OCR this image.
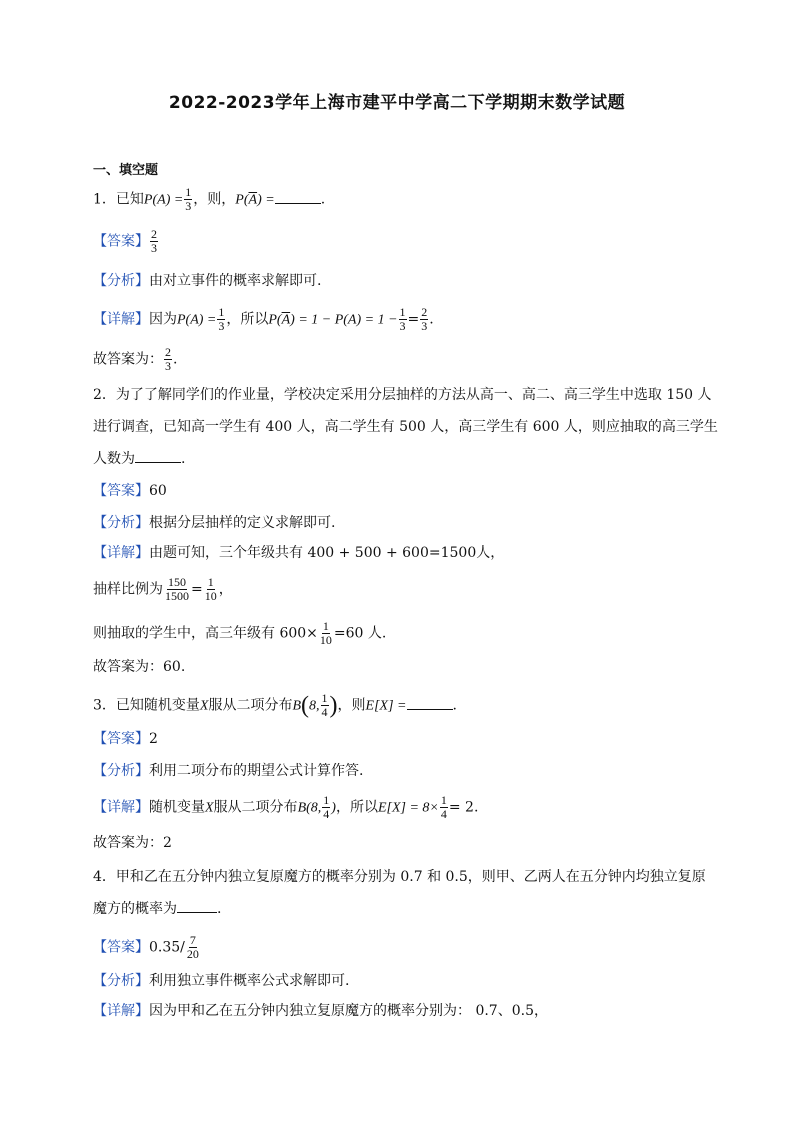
2022-2023学年上海市建平中学高二下学期期末数学试题
一、填空题
1．已知$P(A) = \frac{1}{3}$ ，则，$P(\overline{A})$ =	.
【答案】 $\frac{2}{3}$
【分析】由对立事件的概率求解即可.
【详解】因为$P(A) = \frac{1}{3}$ ，所以$P(\overline{A}) = 1 - P(A) = 1 - \frac{1}{3} = \frac{2}{3}$ .
故答案为： $\frac{2}{3}$ .
2．为了了解同学们的作业量，学校决定采用分层抽样的方法从高一、高二、高三学生中选取 150 人
进行调查，已知高一学生有 400 人，高二学生有 500 人，高三学生有 600 人，则应抽取的高三学生
人数为	.
【答案】60
【分析】根据分层抽样的定义求解即可.
【详解】由题可知，三个年级共有 400 + 500 + 600=1500人，
抽样比例为 $\frac{150}{1500} = \frac{1}{10}$ ，
则抽取的学生中，高三年级有 $600\times \frac{1}{10} =60$ 人.
故答案为：60.
3．已知随机变量X服从二项分布B(8, $\frac{1}{4}$ )，则E[X] =	.
【答案】2
【分析】利用二项分布的期望公式计算作答.
【详解】随机变量X服从二项分布B(8, $\frac{1}{4}$ )，所以$E[X] = 8\times \frac{1}{4} = 2$.
故答案为：2
4．甲和乙在五分钟内独立复原魔方的概率分别为 0.7 和 0.5，则甲、乙两人在五分钟内均独立复原
魔方的概率为	.
【答案】$0.35/ \frac{7}{20}$
【分析】利用独立事件概率公式求解即可.
【详解】因为甲和乙在五分钟内独立复原魔方的概率分别为： 0.7、0.5，
